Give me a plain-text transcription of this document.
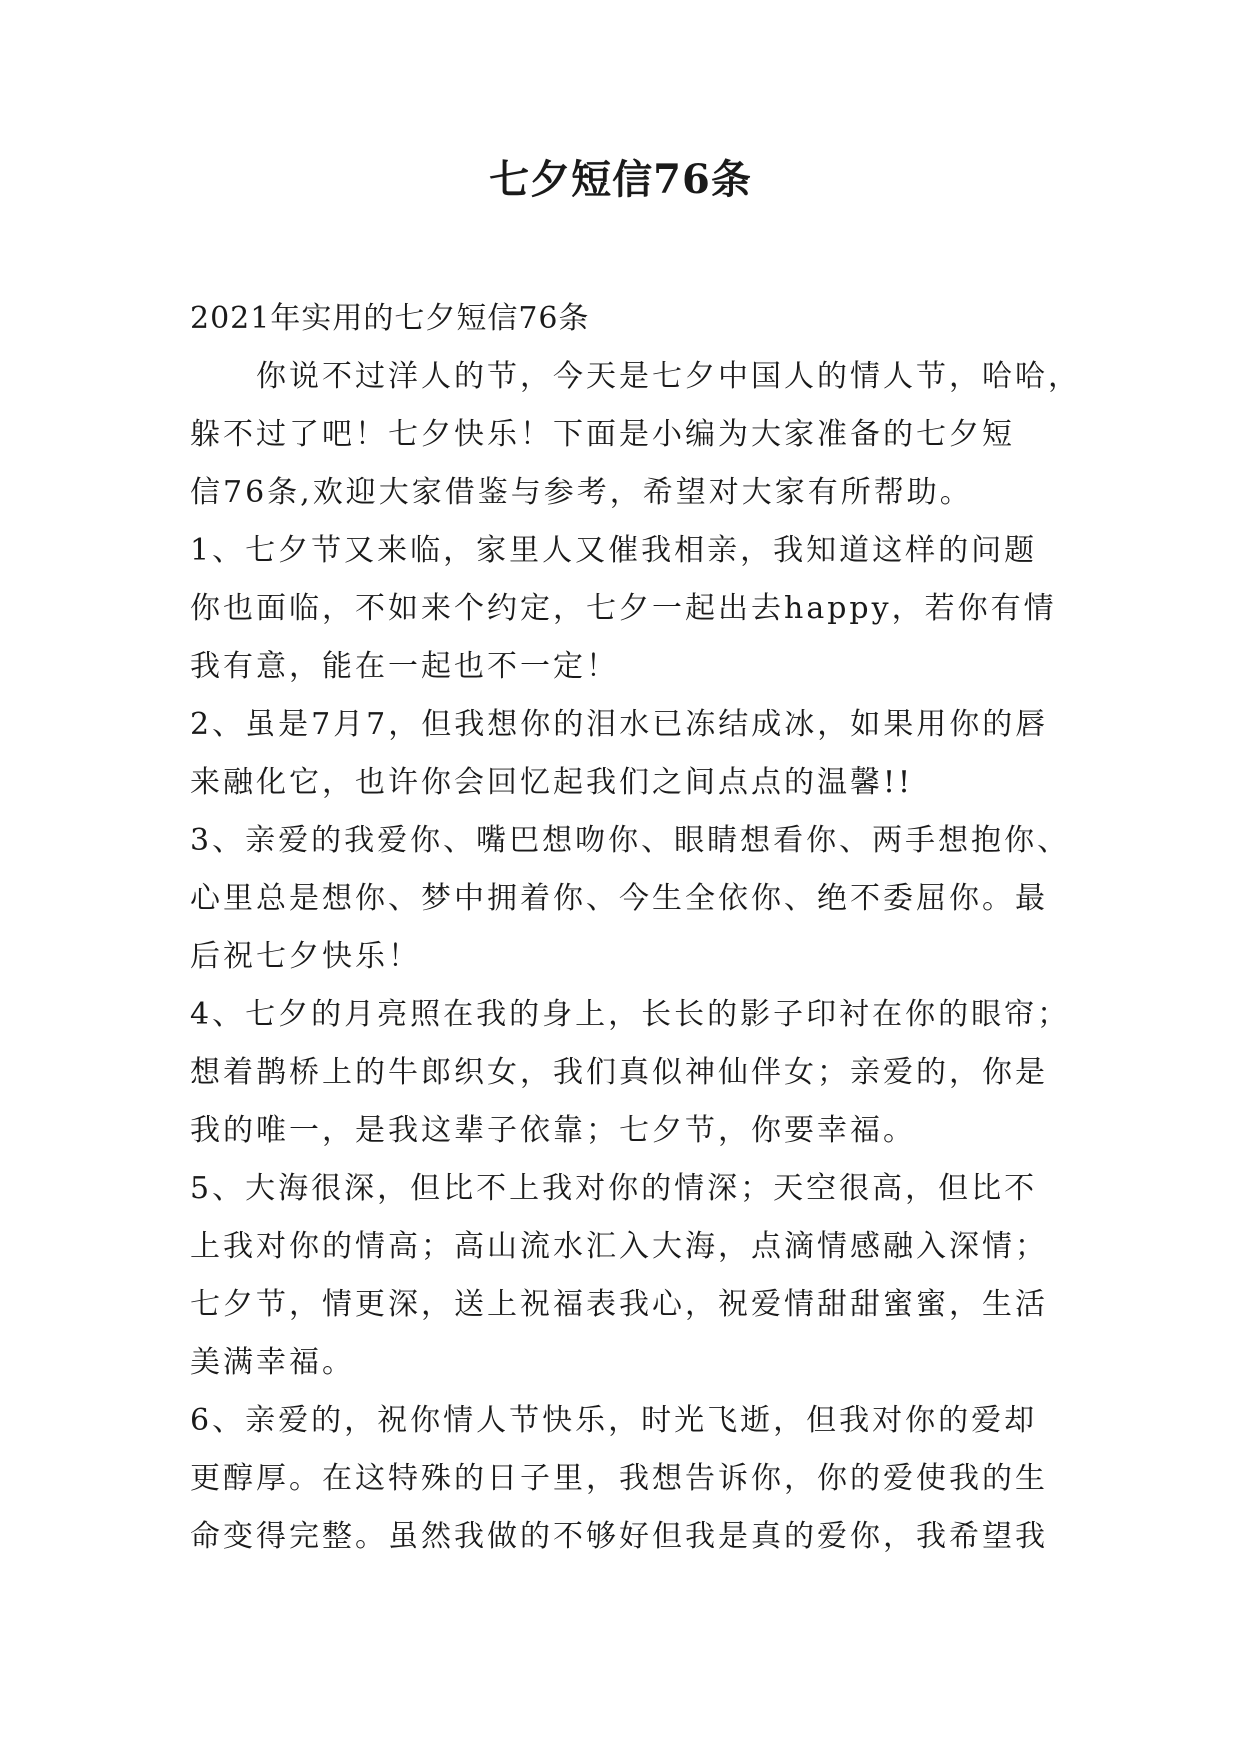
七夕短信76条
2021年实用的七夕短信76条
你说不过洋人的节，今天是七夕中国人的情人节，哈哈，
躲不过了吧！七夕快乐！下面是小编为大家准备的七夕短
信76条,欢迎大家借鉴与参考，希望对大家有所帮助。
1、七夕节又来临，家里人又催我相亲，我知道这样的问题
你也面临，不如来个约定，七夕一起出去happy，若你有情
我有意，能在一起也不一定！
2、虽是7月7，但我想你的泪水已冻结成冰，如果用你的唇
来融化它，也许你会回忆起我们之间点点的温馨!!
3、亲爱的我爱你、嘴巴想吻你、眼睛想看你、两手想抱你、
心里总是想你、梦中拥着你、今生全依你、绝不委屈你。最
后祝七夕快乐！
4、七夕的月亮照在我的身上，长长的影子印衬在你的眼帘；
想着鹊桥上的牛郎织女，我们真似神仙伴女；亲爱的，你是
我的唯一，是我这辈子依靠；七夕节，你要幸福。
5、大海很深，但比不上我对你的情深；天空很高，但比不
上我对你的情高；高山流水汇入大海，点滴情感融入深情；
七夕节，情更深，送上祝福表我心，祝爱情甜甜蜜蜜，生活
美满幸福。
6、亲爱的，祝你情人节快乐，时光飞逝，但我对你的爱却
更醇厚。在这特殊的日子里，我想告诉你，你的爱使我的生
命变得完整。虽然我做的不够好但我是真的爱你，我希望我
